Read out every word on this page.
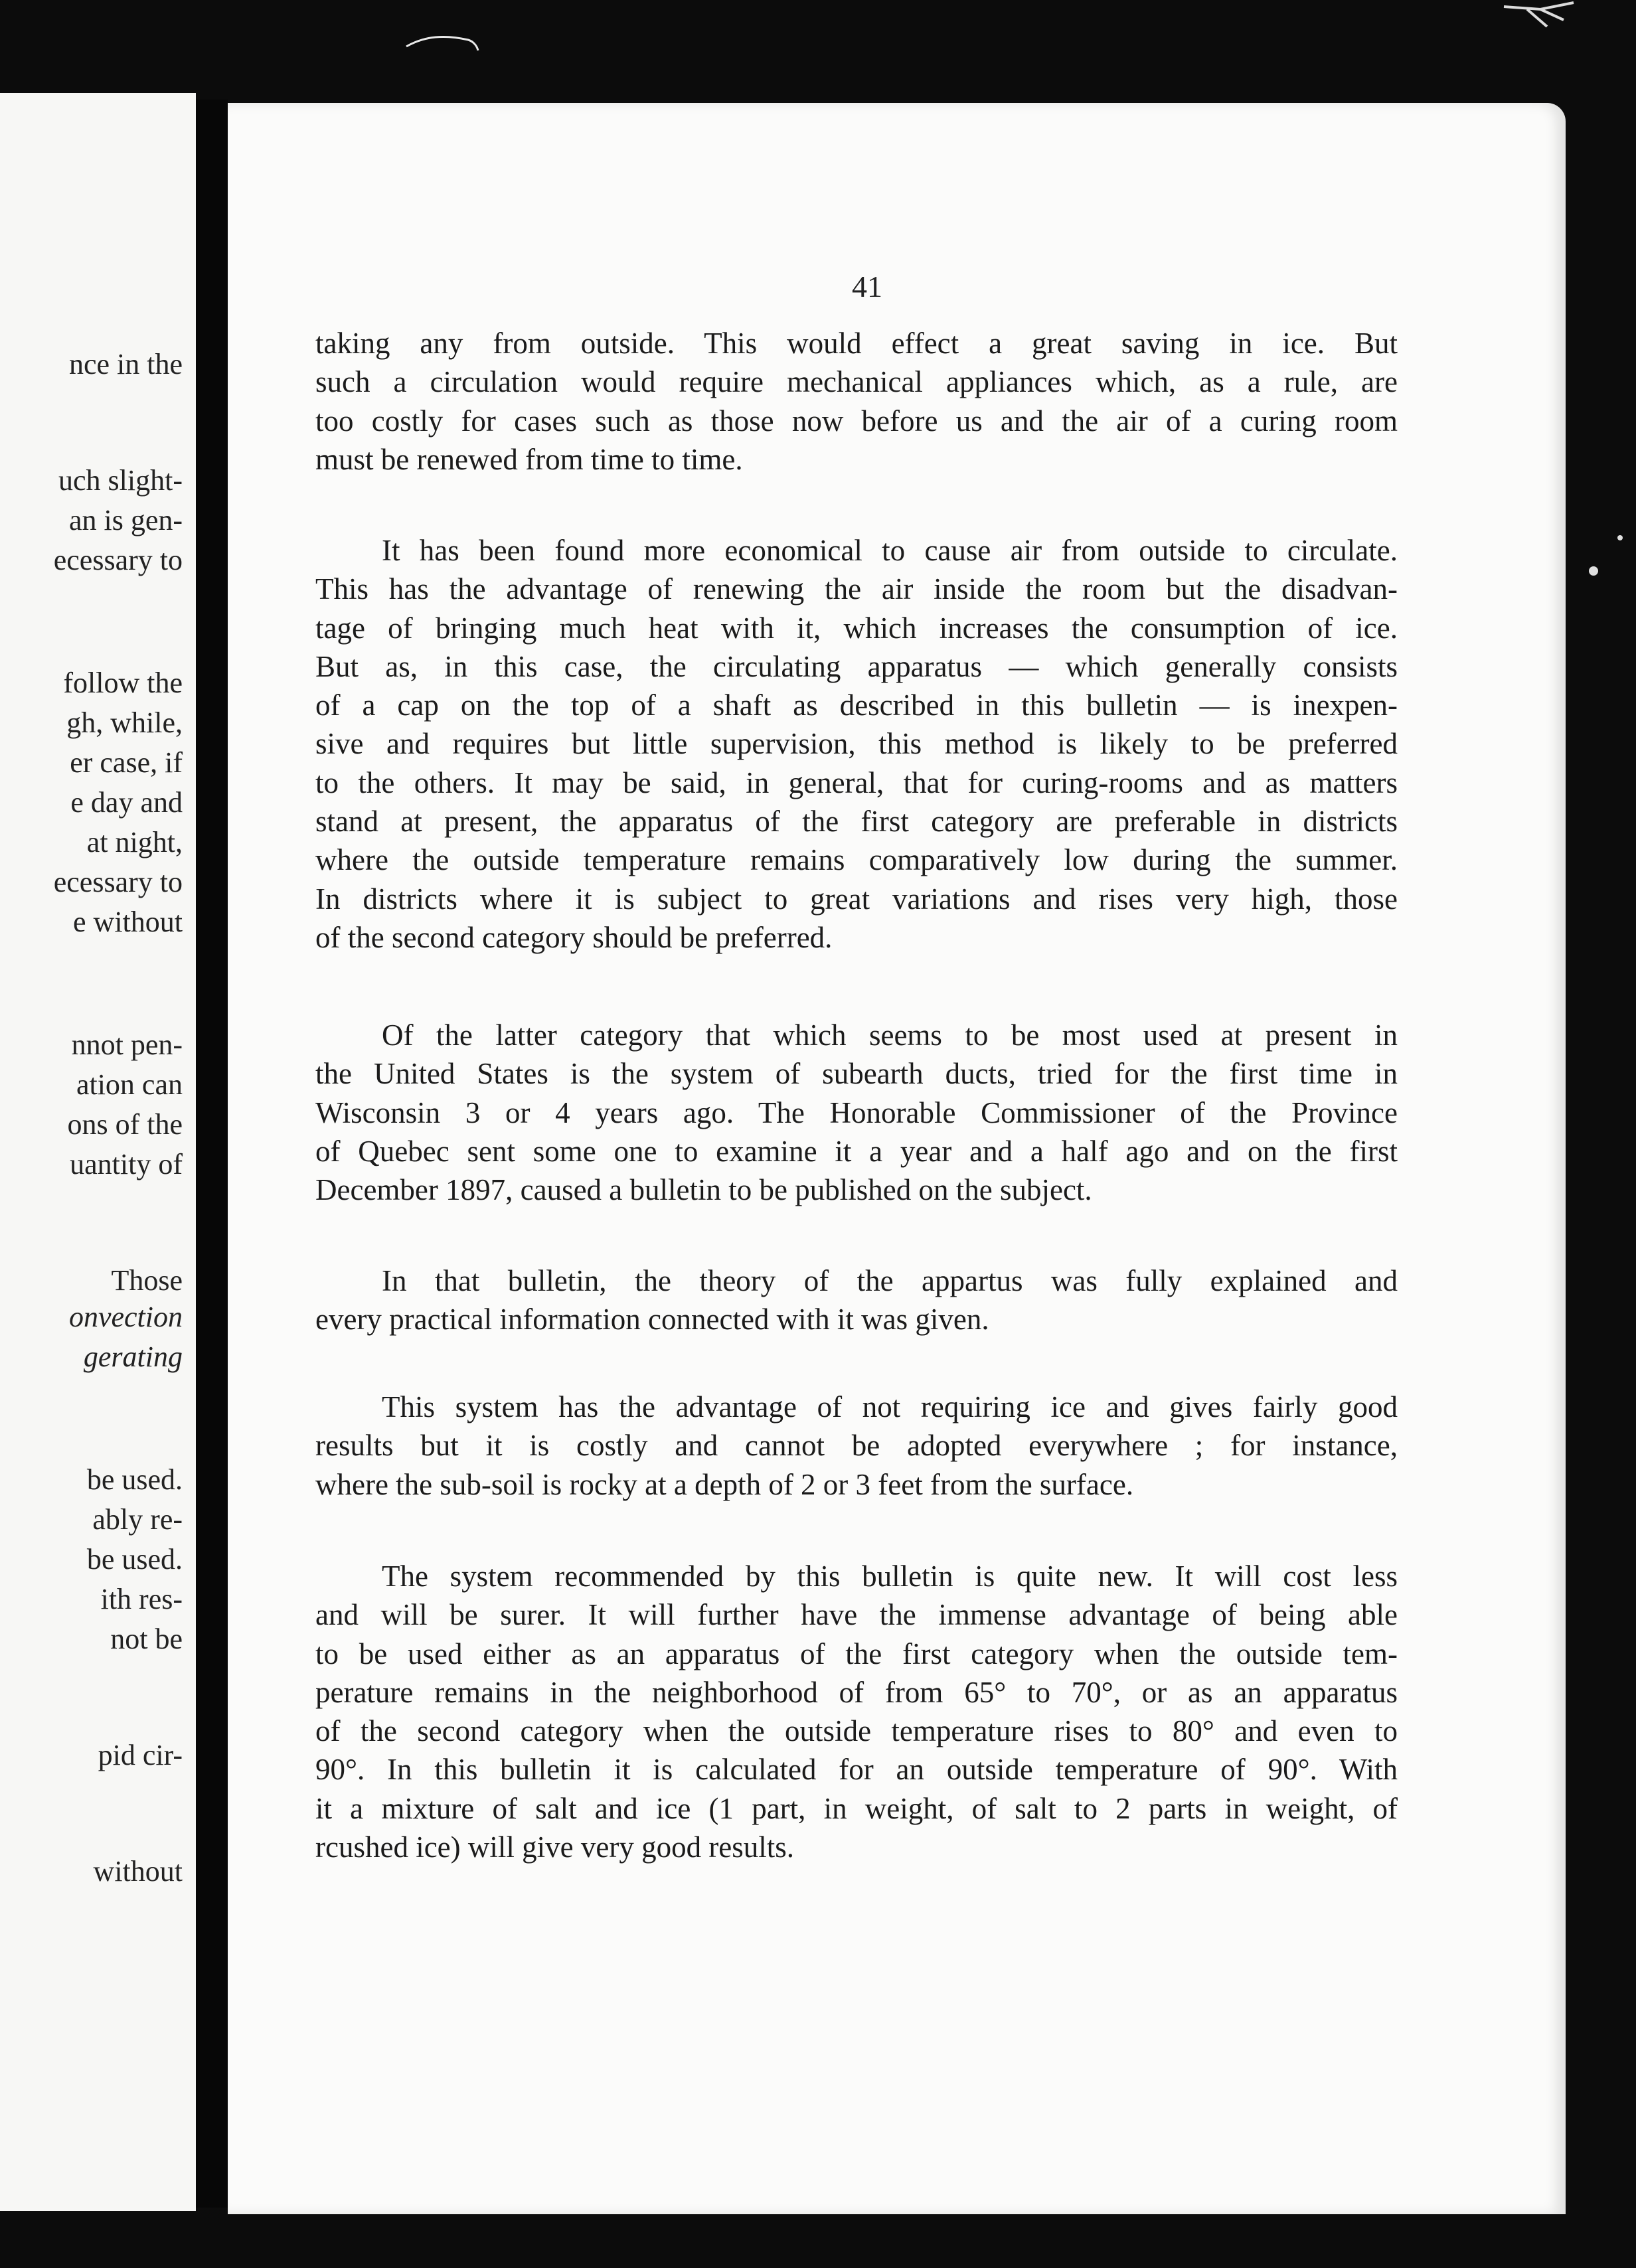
nce in the
uch slight-
an is gen-
ecessary to
follow the
gh, while,
er case, if
e day and
at night,
ecessary to
e without
nnot pen-
ation can
ons of the
uantity of
Those
onvection
gerating
be used.
ably re-
be used.
ith res-
not be
pid cir-
without
41
taking any from outside. This would effect a great saving in ice. But
such a circulation would require mechanical appliances which, as a rule, are
too costly for cases such as those now before us and the air of a curing room
must be renewed from time to time.
It has been found more economical to cause air from outside to circulate.
This has the advantage of renewing the air inside the room but the disadvan-
tage of bringing much heat with it, which increases the consumption of ice.
But as, in this case, the circulating apparatus — which generally consists
of a cap on the top of a shaft as described in this bulletin — is inexpen-
sive and requires but little supervision, this method is likely to be preferred
to the others. It may be said, in general, that for curing-rooms and as matters
stand at present, the apparatus of the first category are preferable in districts
where the outside temperature remains comparatively low during the summer.
In districts where it is subject to great variations and rises very high, those
of the second category should be preferred.
Of the latter category that which seems to be most used at present in
the United States is the system of subearth ducts, tried for the first time in
Wisconsin 3 or 4 years ago. The Honorable Commissioner of the Province
of Quebec sent some one to examine it a year and a half ago and on the first
December 1897, caused a bulletin to be published on the subject.
In that bulletin, the theory of the appartus was fully explained and
every practical information connected with it was given.
This system has the advantage of not requiring ice and gives fairly good
results but it is costly and cannot be adopted everywhere ; for instance,
where the sub-soil is rocky at a depth of 2 or 3 feet from the surface.
The system recommended by this bulletin is quite new. It will cost less
and will be surer. It will further have the immense advantage of being able
to be used either as an apparatus of the first category when the outside tem-
perature remains in the neighborhood of from 65° to 70°, or as an apparatus
of the second category when the outside temperature rises to 80° and even to
90°. In this bulletin it is calculated for an outside temperature of 90°. With
it a mixture of salt and ice (1 part, in weight, of salt to 2 parts in weight, of
rcushed ice) will give very good results.
